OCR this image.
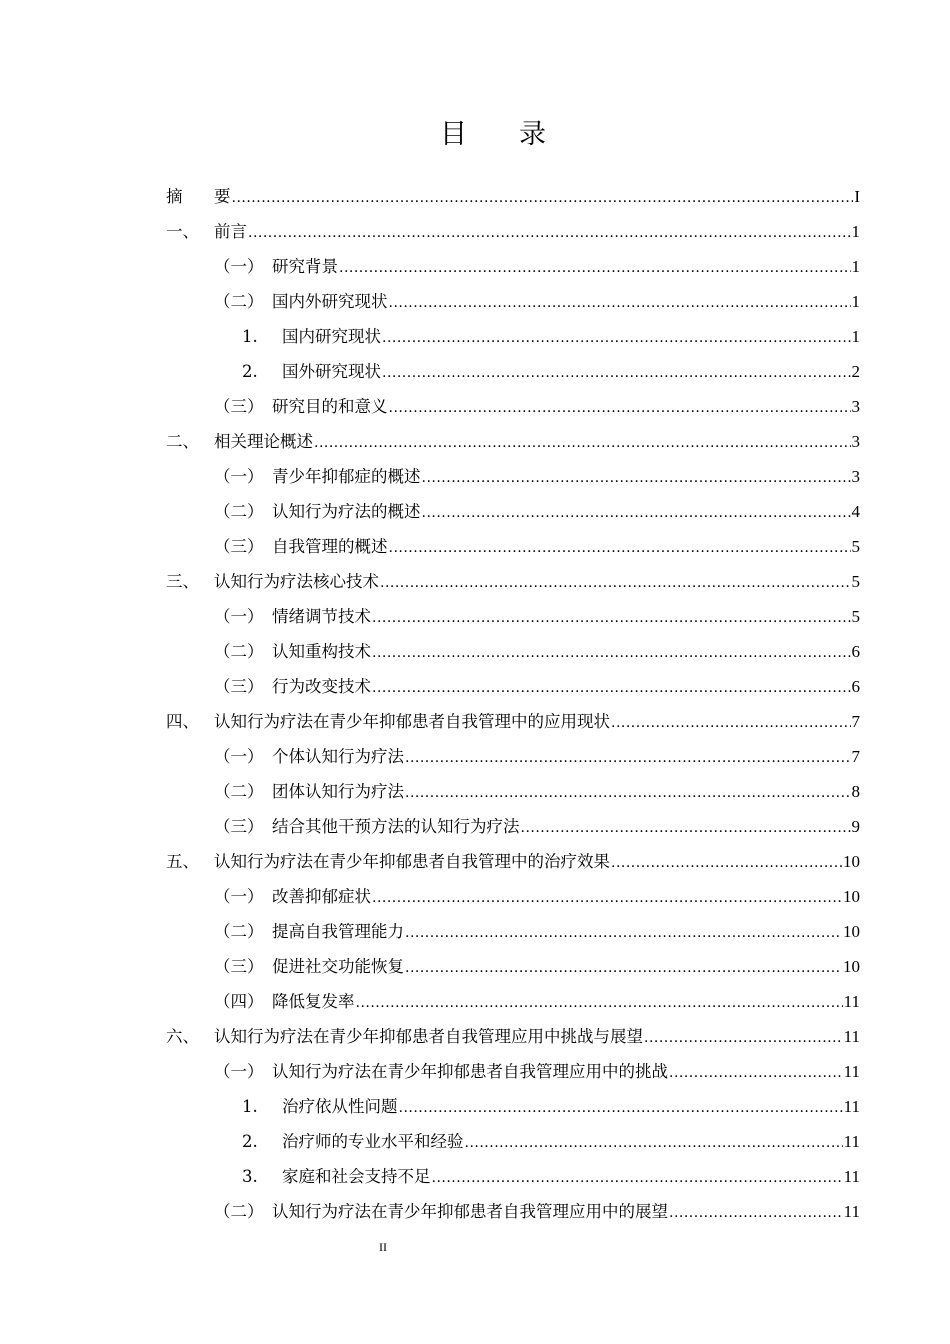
目 录
摘	要 .....	I
一、 前言 .....	1
（一） 研究背景 .....	1
（二） 国内外研究现状 .....	1
1.	国内研究现状 .....	1
2.	国外研究现状 .....	2
（三） 研究目的和意义 .....	3
二、 相关理论概述 .....	3
（一） 青少年抑郁症的概述 .....	3
（二） 认知行为疗法的概述 .....	4
（三） 自我管理的概述 .....	5
三、 认知行为疗法核心技术 .....	5
（一） 情绪调节技术 .....	5
（二） 认知重构技术 .....	6
（三） 行为改变技术 .....	6
四、 认知行为疗法在青少年抑郁患者自我管理中的应用现状 .....	7
（一） 个体认知行为疗法 .....	7
（二） 团体认知行为疗法 .....	8
（三） 结合其他干预方法的认知行为疗法 .....	9
五、 认知行为疗法在青少年抑郁患者自我管理中的治疗效果 .....	10
（一） 改善抑郁症状 .....	10
（二） 提高自我管理能力 .....	10
（三） 促进社交功能恢复 .....	10
（四） 降低复发率 .....	11
六、 认知行为疗法在青少年抑郁患者自我管理应用中挑战与展望 .....	11
（一） 认知行为疗法在青少年抑郁患者自我管理应用中的挑战 .....	11
1.	治疗依从性问题 .....	11
2.	治疗师的专业水平和经验 .....	11
3.	家庭和社会支持不足 .....	11
（二） 认知行为疗法在青少年抑郁患者自我管理应用中的展望 .....	11
II
